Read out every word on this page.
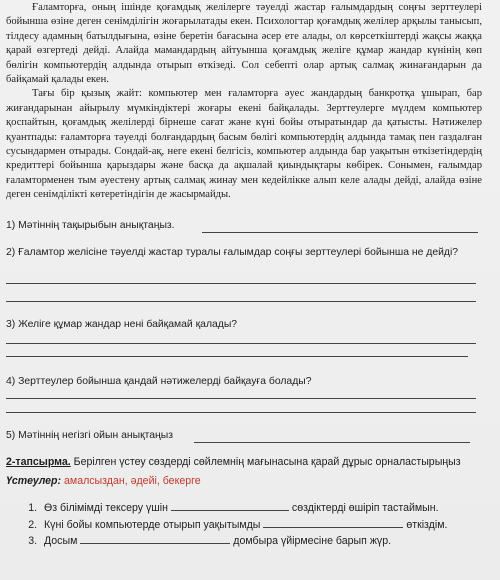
Ғаламторға, оның ішінде қоғамдық желілерге тәуелді жастар ғалымдардың соңғы зерттеулері бойынша өзіне деген сенімділігін жоғарылатады екен. Психологтар қоғамдық желілер арқылы танысып, тілдесу адамның батылдығына, өзіне беретін бағасына әсер ете алады, ол көрсеткіштерді жақсы жаққа қарай өзгертеді дейді. Алайда мамандардың айтуынша қоғамдық желіге құмар жандар күнінің көп бөлігін компьютердің алдында отырып өткізеді. Сол себепті олар артық салмақ жинағандарын да байқамай қалады екен.

Тағы бір қызық жайт: компьютер мен ғаламторға әуес жандардың банкротқа ұшырап, бар жиғандарынан айырылу мүмкіндіктері жоғары екені байқалады. Зерттеулерге мүлдем компьютер қоспайтын, қоғамдық желілерді бірнеше сағат және күні бойы отыратындар да қатысты. Нәтижелер қуантпады: ғаламторға тәуелді болғандардың басым бөлігі компьютердің алдында тамақ пен газдалған сусындармен отырады. Сондай-ақ, неге екені белгісіз, компьютер алдында бар уақытын өткізетіндердің кредиттері бойынша қарыздары және басқа да ақшалай қиындықтары көбірек. Сонымен, ғалымдар ғаламторменен тым әуестену артық салмақ жинау мен кедейлікке алып келе алады дейді, алайда өзіне деген сенімділікті көтеретіндігін де жасырмайды.

1) Мәтіннің тақырыбын анықтаңыз.
2) Ғаламтор желісіне тәуелді жастар туралы ғалымдар соңғы зерттеулері бойынша не дейді?
3) Желіге құмар жандар нені байқамай қалады?
4) Зерттеулер бойынша қандай нәтижелерді байқауға болады?
5) Мәтіннің негізгі ойын анықтаңыз
2-тапсырма. Берілген үстеу сөздерді сөйлемнің мағынасына қарай дұрыс орналастырыңыз
Үстеулер: амалсыздан, әдейі, бекерге
1. Өз білімімді тексеру үшін	сөздіктерді өшіріп тастаймын.
2. Күні бойы компьютерде отырып уақытымды	өткіздім.
3. Досым	домбыра үйірмесіне барып жүр.
